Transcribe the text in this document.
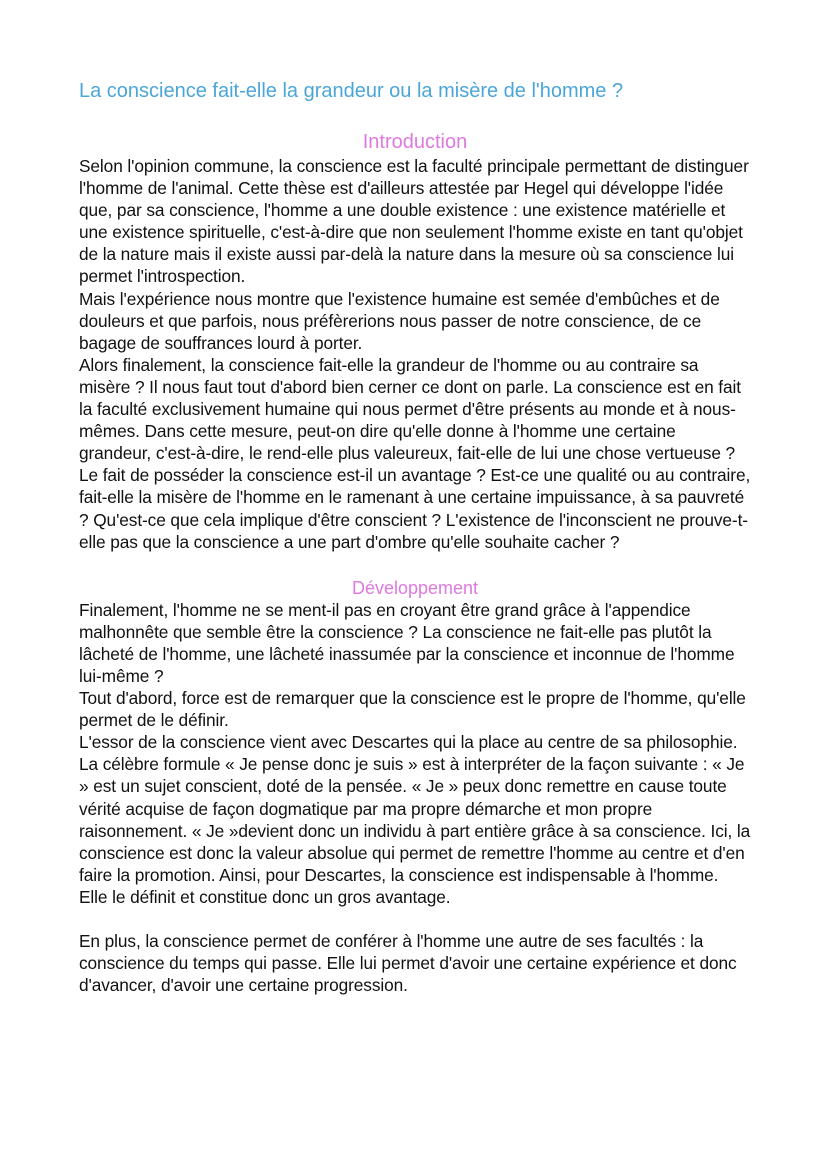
La conscience fait-elle la grandeur ou la misère de l'homme ?
Introduction

Selon l'opinion commune, la conscience est la faculté principale permettant de distinguer l'homme de l'animal. Cette thèse est d'ailleurs attestée par Hegel qui développe l'idée que, par sa conscience, l'homme a une double existence : une existence matérielle et une existence spirituelle, c'est-à-dire que non seulement l'homme existe en tant qu'objet de la nature mais il existe aussi par-delà la nature dans la mesure où sa conscience lui permet l'introspection.

Mais l'expérience nous montre que l'existence humaine est semée d'embûches et de douleurs et que parfois, nous préfèrerions nous passer de notre conscience, de ce bagage de souffrances lourd à porter.

Alors finalement, la conscience fait-elle la grandeur de l'homme ou au contraire sa misère ? Il nous faut tout d'abord bien cerner ce dont on parle. La conscience est en fait la faculté exclusivement humaine qui nous permet d'être présents au monde et à nous-mêmes. Dans cette mesure, peut-on dire qu'elle donne à l'homme une certaine grandeur, c'est-à-dire, le rend-elle plus valeureux, fait-elle de lui une chose vertueuse ? Le fait de posséder la conscience est-il un avantage ? Est-ce une qualité ou au contraire, fait-elle la misère de l'homme en le ramenant à une certaine impuissance, à sa pauvreté ? Qu'est-ce que cela implique d'être conscient ? L'existence de l'inconscient ne prouve-t-elle pas que la conscience a une part d'ombre qu'elle souhaite cacher ?

Développement

Finalement, l'homme ne se ment-il pas en croyant être grand grâce à l'appendice malhonnête que semble être la conscience ? La conscience ne fait-elle pas plutôt la lâcheté de l'homme, une lâcheté inassumée par la conscience et inconnue de l'homme lui-même ?

Tout d'abord, force est de remarquer que la conscience est le propre de l'homme, qu'elle permet de le définir.

L'essor de la conscience vient avec Descartes qui la place au centre de sa philosophie. La célèbre formule « Je pense donc je suis » est à interpréter de la façon suivante : « Je » est un sujet conscient, doté de la pensée. « Je » peux donc remettre en cause toute vérité acquise de façon dogmatique par ma propre démarche et mon propre raisonnement. « Je »devient donc un individu à part entière grâce à sa conscience. Ici, la conscience est donc la valeur absolue qui permet de remettre l'homme au centre et d'en faire la promotion. Ainsi, pour Descartes, la conscience est indispensable à l'homme. Elle le définit et constitue donc un gros avantage.

En plus, la conscience permet de conférer à l'homme une autre de ses facultés : la conscience du temps qui passe. Elle lui permet d'avoir une certaine expérience et donc d'avancer, d'avoir une certaine progression.
